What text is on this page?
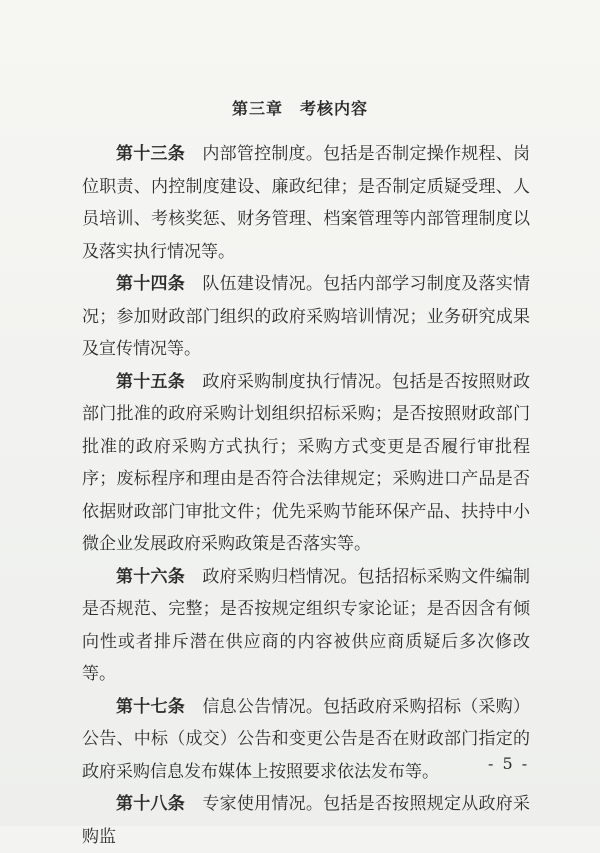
第三章　考核内容

第十三条　 内部管控制度。包括是否制定操作规程、岗位职责、内控制度建设、廉政纪律；是否制定质疑受理、人员培训、考核奖惩、财务管理、档案管理等内部管理制度以及落实执行情况等。

第十四条　 队伍建设情况。包括内部学习制度及落实情况；参加财政部门组织的政府采购培训情况；业务研究成果及宣传情况等。

第十五条　 政府采购制度执行情况。包括是否按照财政部门批准的政府采购计划组织招标采购；是否按照财政部门批准的政府采购方式执行；采购方式变更是否履行审批程序；废标程序和理由是否符合法律规定；采购进口产品是否依据财政部门审批文件；优先采购节能环保产品、扶持中小微企业发展政府采购政策是否落实等。

第十六条　 政府采购归档情况。包括招标采购文件编制是否规范、完整；是否按规定组织专家论证；是否因含有倾向性或者排斥潜在供应商的内容被供应商质疑后多次修改等。

第十七条　 信息公告情况。包括政府采购招标（采购）公告、中标（成交）公告和变更公告是否在财政部门指定的政府采购信息发布媒体上按照要求依法发布等。

第十八条　 专家使用情况。包括是否按照规定从政府采购监

- 5 -
